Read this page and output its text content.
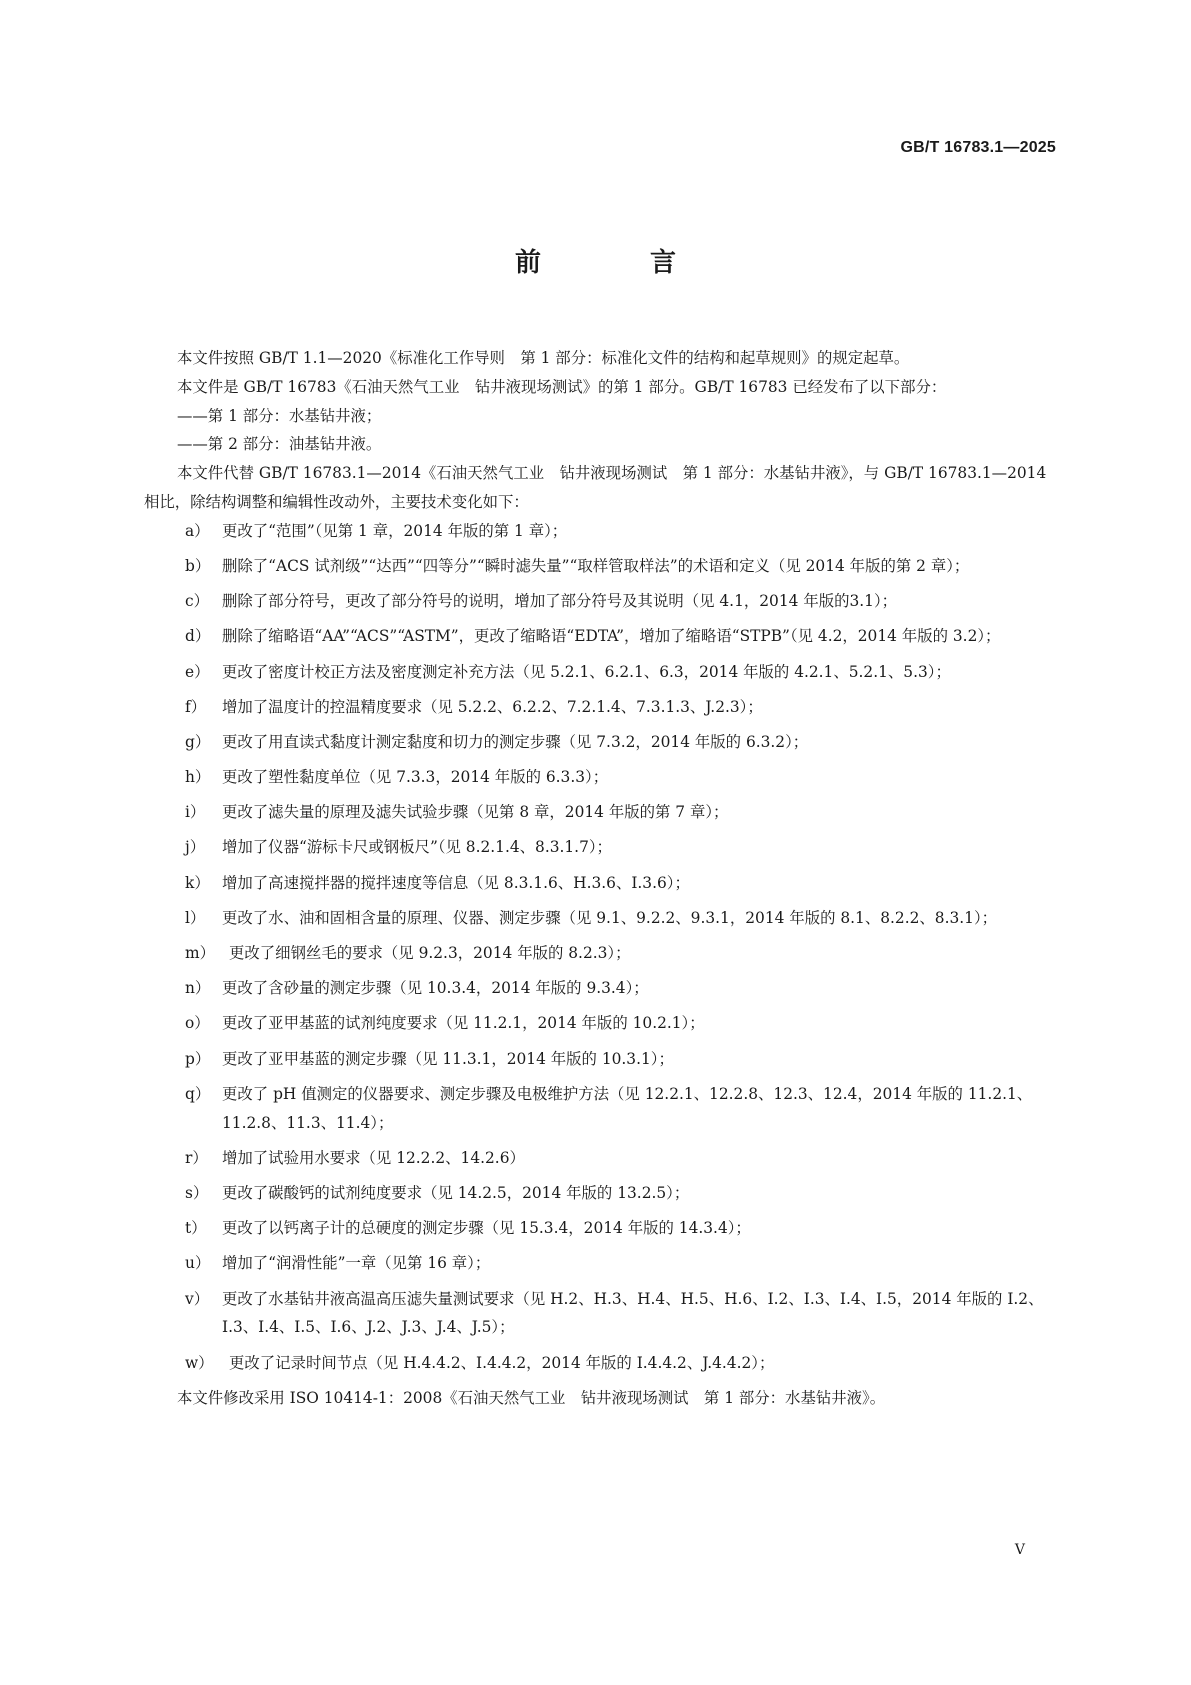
GB/T 16783.1—2025
前 言

本文件按照 GB/T 1.1—2020《标准化工作导则　第 1 部分：标准化文件的结构和起草规则》的规定起草。

本文件是 GB/T 16783《石油天然气工业　钻井液现场测试》的第 1 部分。GB/T 16783 已经发布了以下部分：

——第 1 部分：水基钻井液；

——第 2 部分：油基钻井液。

本文件代替 GB/T 16783.1—2014《石油天然气工业　钻井液现场测试　第 1 部分：水基钻井液》，与 GB/T 16783.1—2014 相比，除结构调整和编辑性改动外，主要技术变化如下：

a） 更改了“范围”（见第 1 章，2014 年版的第 1 章）；
b） 删除了“ACS 试剂级”“达西”“四等分”“瞬时滤失量”“取样管取样法”的术语和定义（见 2014 年版的第 2 章）；
c） 删除了部分符号，更改了部分符号的说明，增加了部分符号及其说明（见 4.1，2014 年版的3.1）；
d） 删除了缩略语“AA”“ACS”“ASTM”，更改了缩略语“EDTA”，增加了缩略语“STPB”（见 4.2，2014 年版的 3.2）；
e） 更改了密度计校正方法及密度测定补充方法（见 5.2.1、6.2.1、6.3，2014 年版的 4.2.1、5.2.1、5.3）；
f）	增加了温度计的控温精度要求（见 5.2.2、6.2.2、7.2.1.4、7.3.1.3、J.2.3）；
g） 更改了用直读式黏度计测定黏度和切力的测定步骤（见 7.3.2，2014 年版的 6.3.2）；
h） 更改了塑性黏度单位（见 7.3.3，2014 年版的 6.3.3）；
i）	更改了滤失量的原理及滤失试验步骤（见第 8 章，2014 年版的第 7 章）；
j）	增加了仪器“游标卡尺或钢板尺”（见 8.2.1.4、8.3.1.7）；
k） 增加了高速搅拌器的搅拌速度等信息（见 8.3.1.6、H.3.6、I.3.6）；
l）	更改了水、油和固相含量的原理、仪器、测定步骤（见 9.1、9.2.2、9.3.1，2014 年版的 8.1、8.2.2、8.3.1）；
m） 更改了细钢丝毛的要求（见 9.2.3，2014 年版的 8.2.3）；
n） 更改了含砂量的测定步骤（见 10.3.4，2014 年版的 9.3.4）；
o） 更改了亚甲基蓝的试剂纯度要求（见 11.2.1，2014 年版的 10.2.1）；
p） 更改了亚甲基蓝的测定步骤（见 11.3.1，2014 年版的 10.3.1）；
q） 更改了 pH 值测定的仪器要求、测定步骤及电极维护方法（见 12.2.1、12.2.8、12.3、12.4，2014 年版的 11.2.1、11.2.8、11.3、11.4）；
r） 增加了试验用水要求（见 12.2.2、14.2.6）
s） 更改了碳酸钙的试剂纯度要求（见 14.2.5，2014 年版的 13.2.5）；
t）	更改了以钙离子计的总硬度的测定步骤（见 15.3.4，2014 年版的 14.3.4）；
u） 增加了“润滑性能”一章（见第 16 章）；
v） 更改了水基钻井液高温高压滤失量测试要求（见 H.2、H.3、H.4、H.5、H.6、I.2、I.3、I.4、I.5，2014 年版的 I.2、I.3、I.4、I.5、I.6、J.2、J.3、J.4、J.5）；
w）	更改了记录时间节点（见 H.4.4.2、I.4.4.2，2014 年版的 I.4.4.2、J.4.4.2）；

本文件修改采用 ISO 10414-1：2008《石油天然气工业　钻井液现场测试　第 1 部分：水基钻井液》。

V
